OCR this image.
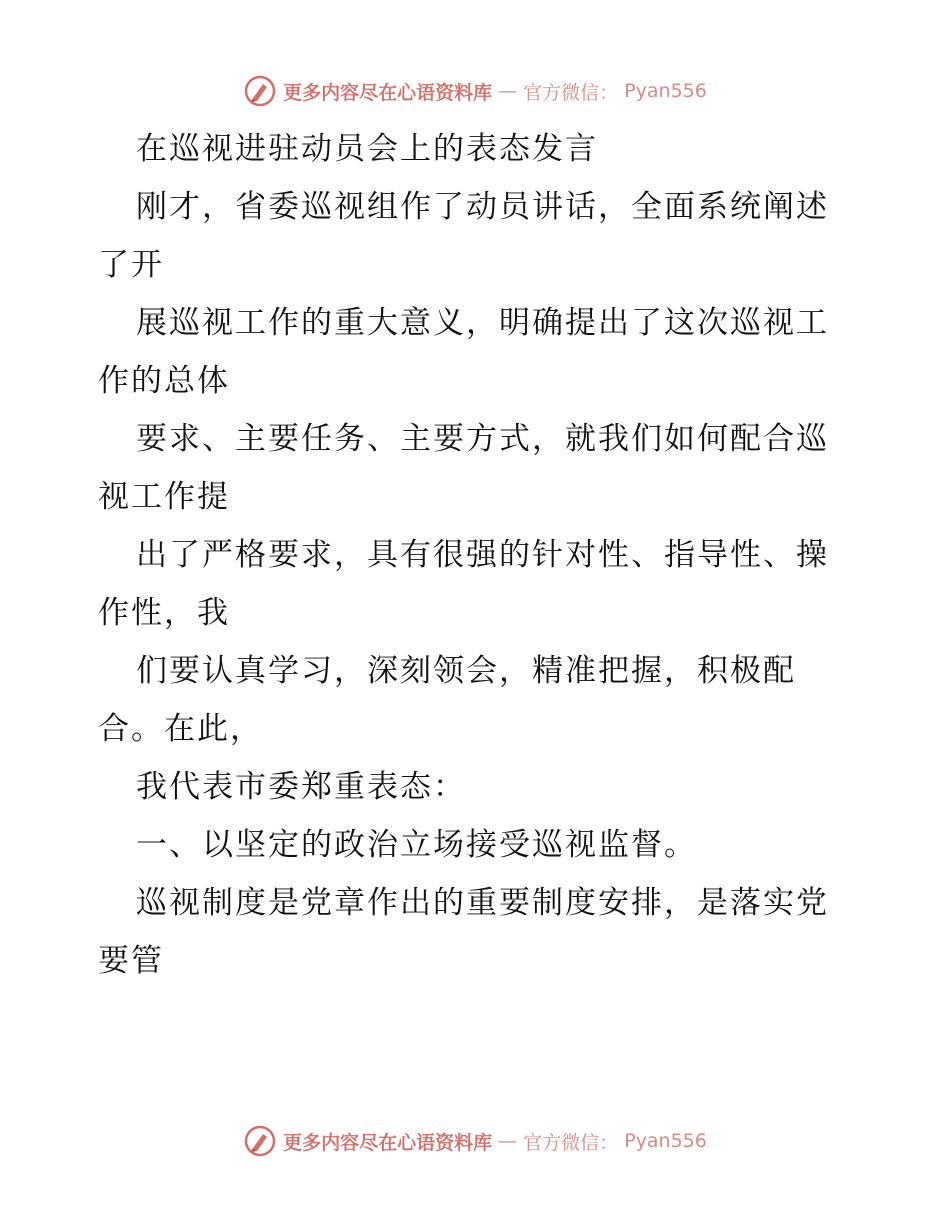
更多内容尽在心语资料库 — 官方微信： Pyan556

在巡视进驻动员会上的表态发言

刚才，省委巡视组作了动员讲话，全面系统阐述

了开

展巡视工作的重大意义，明确提出了这次巡视工

作的总体

要求、主要任务、主要方式，就我们如何配合巡

视工作提

出了严格要求，具有很强的针对性、指导性、操

作性，我

们要认真学习，深刻领会，精准把握，积极配

合。在此，

我代表市委郑重表态：

一、以坚定的政治立场接受巡视监督。

巡视制度是党章作出的重要制度安排，是落实党

要管

更多内容尽在心语资料库 — 官方微信： Pyan556
